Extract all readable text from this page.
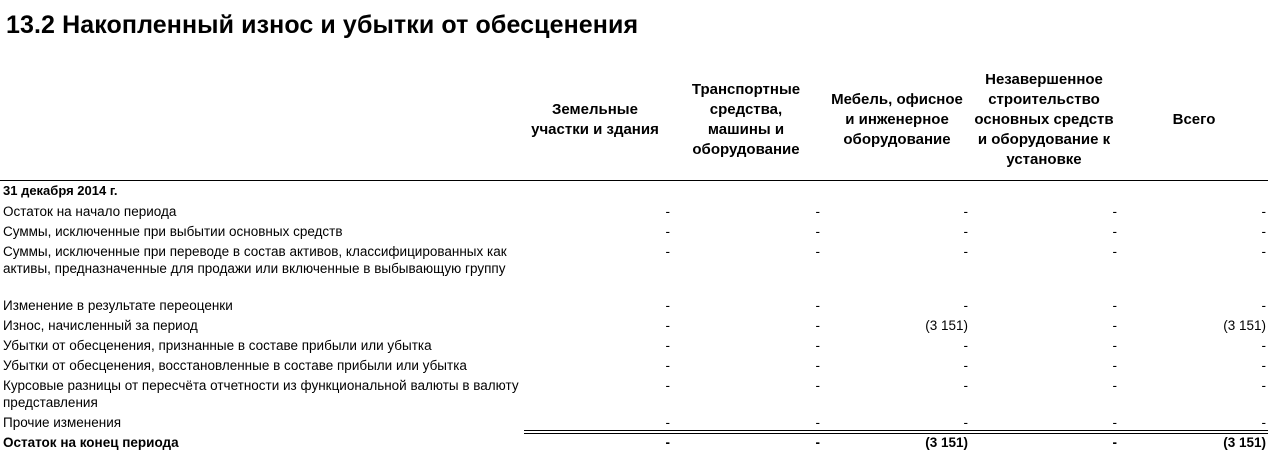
13.2 Накопленный износ и убытки от обесценения
Земельные участки и здания
Транспортные средства, машины и оборудование
Мебель, офисное и инженерное оборудование
Незавершенное строительство основных средств и оборудование к установке
Всего
31 декабря 2014 г.
Остаток на начало периода	-	-	-	-	-
Суммы, исключенные при выбытии основных средств	-	-	-	-	-
Суммы, исключенные при переводе в состав активов, классифицированных как активы, предназначенные для продажи или включенные в выбывающую группу
-	-	-	-	-
Изменение в результате переоценки	-	-	-	-	-
Износ, начисленный за период	-	-	(3 151)	-	(3 151)
Убытки от обесценения, признанные в составе прибыли или убытка	-	-	-	-	-
Убытки от обесценения, восстановленные в составе прибыли или убытка	-	-	-	-	-
Курсовые разницы от пересчёта отчетности из функциональной валюты в валюту представления
-	-	-	-	-
Прочие изменения	-	-	-	-	-
Остаток на конец периода	-	-	(3 151)	-	(3 151)
